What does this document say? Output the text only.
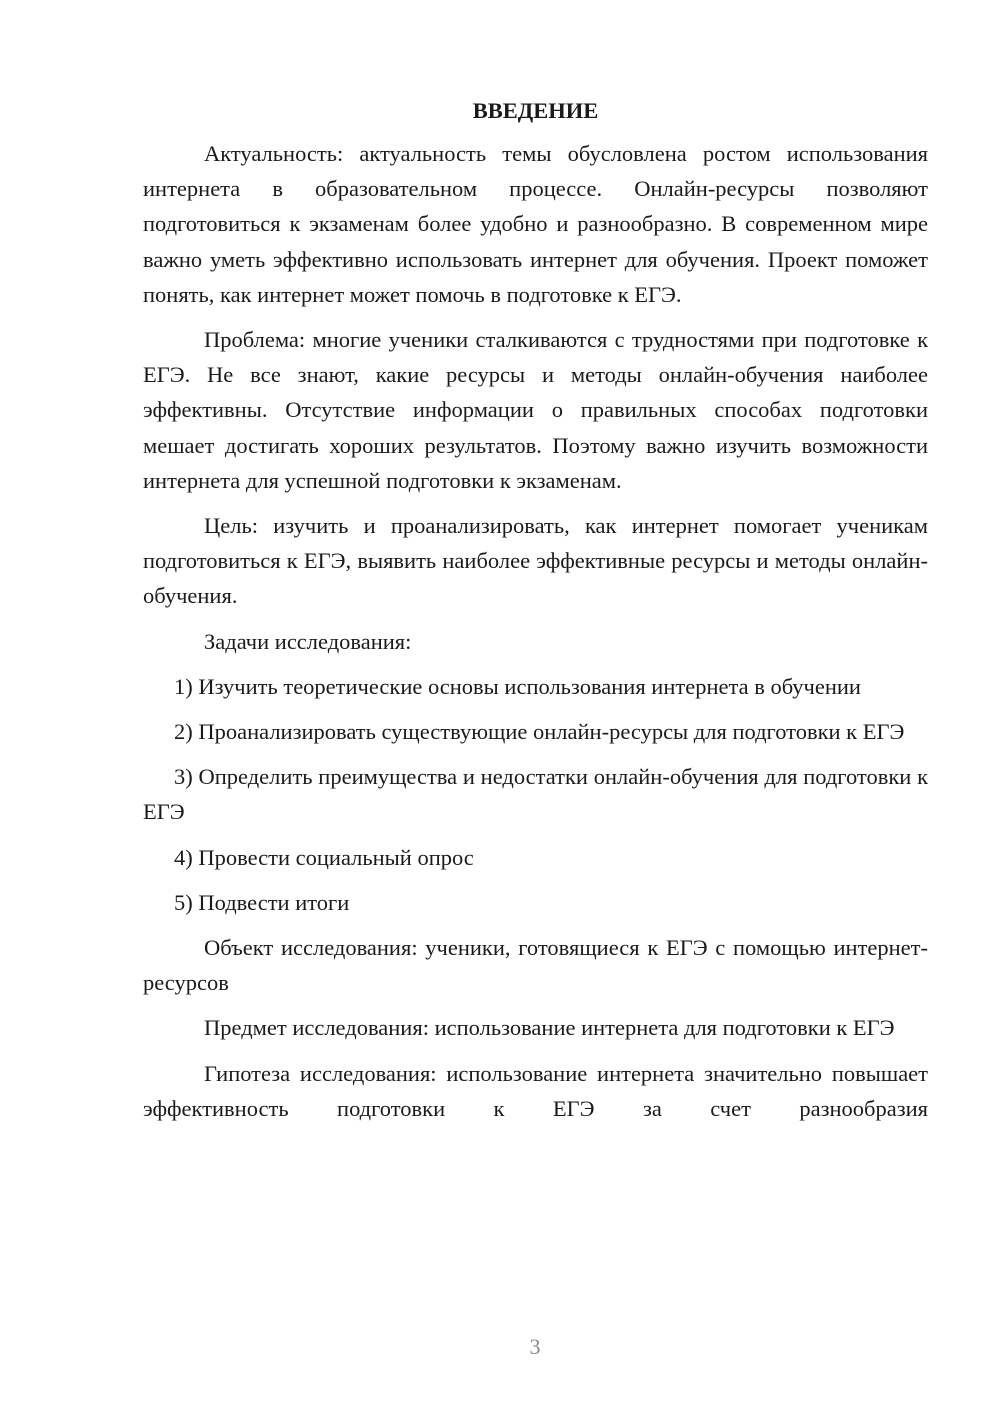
ВВЕДЕНИЕ

Актуальность: актуальность темы обусловлена ростом использования интернета в образовательном процессе. Онлайн-ресурсы позволяют подготовиться к экзаменам более удобно и разнообразно. В современном мире важно уметь эффективно использовать интернет для обучения. Проект поможет понять, как интернет может помочь в подготовке к ЕГЭ.

Проблема: многие ученики сталкиваются с трудностями при подготовке к ЕГЭ. Не все знают, какие ресурсы и методы онлайн-обучения наиболее эффективны. Отсутствие информации о правильных способах подготовки мешает достигать хороших результатов. Поэтому важно изучить возможности интернета для успешной подготовки к экзаменам.

Цель: изучить и проанализировать, как интернет помогает ученикам подготовиться к ЕГЭ, выявить наиболее эффективные ресурсы и методы онлайн-обучения.

Задачи исследования:

1) Изучить теоретические основы использования интернета в обучении

2) Проанализировать существующие онлайн-ресурсы для подготовки к ЕГЭ

3) Определить преимущества и недостатки онлайн-обучения для подготовки к ЕГЭ

4) Провести социальный опрос

5) Подвести итоги

Объект исследования: ученики, готовящиеся к ЕГЭ с помощью интернет-ресурсов

Предмет исследования: использование интернета для подготовки к ЕГЭ

Гипотеза исследования: использование интернета значительно повышает эффективность подготовки к ЕГЭ за счет разнообразия

3
